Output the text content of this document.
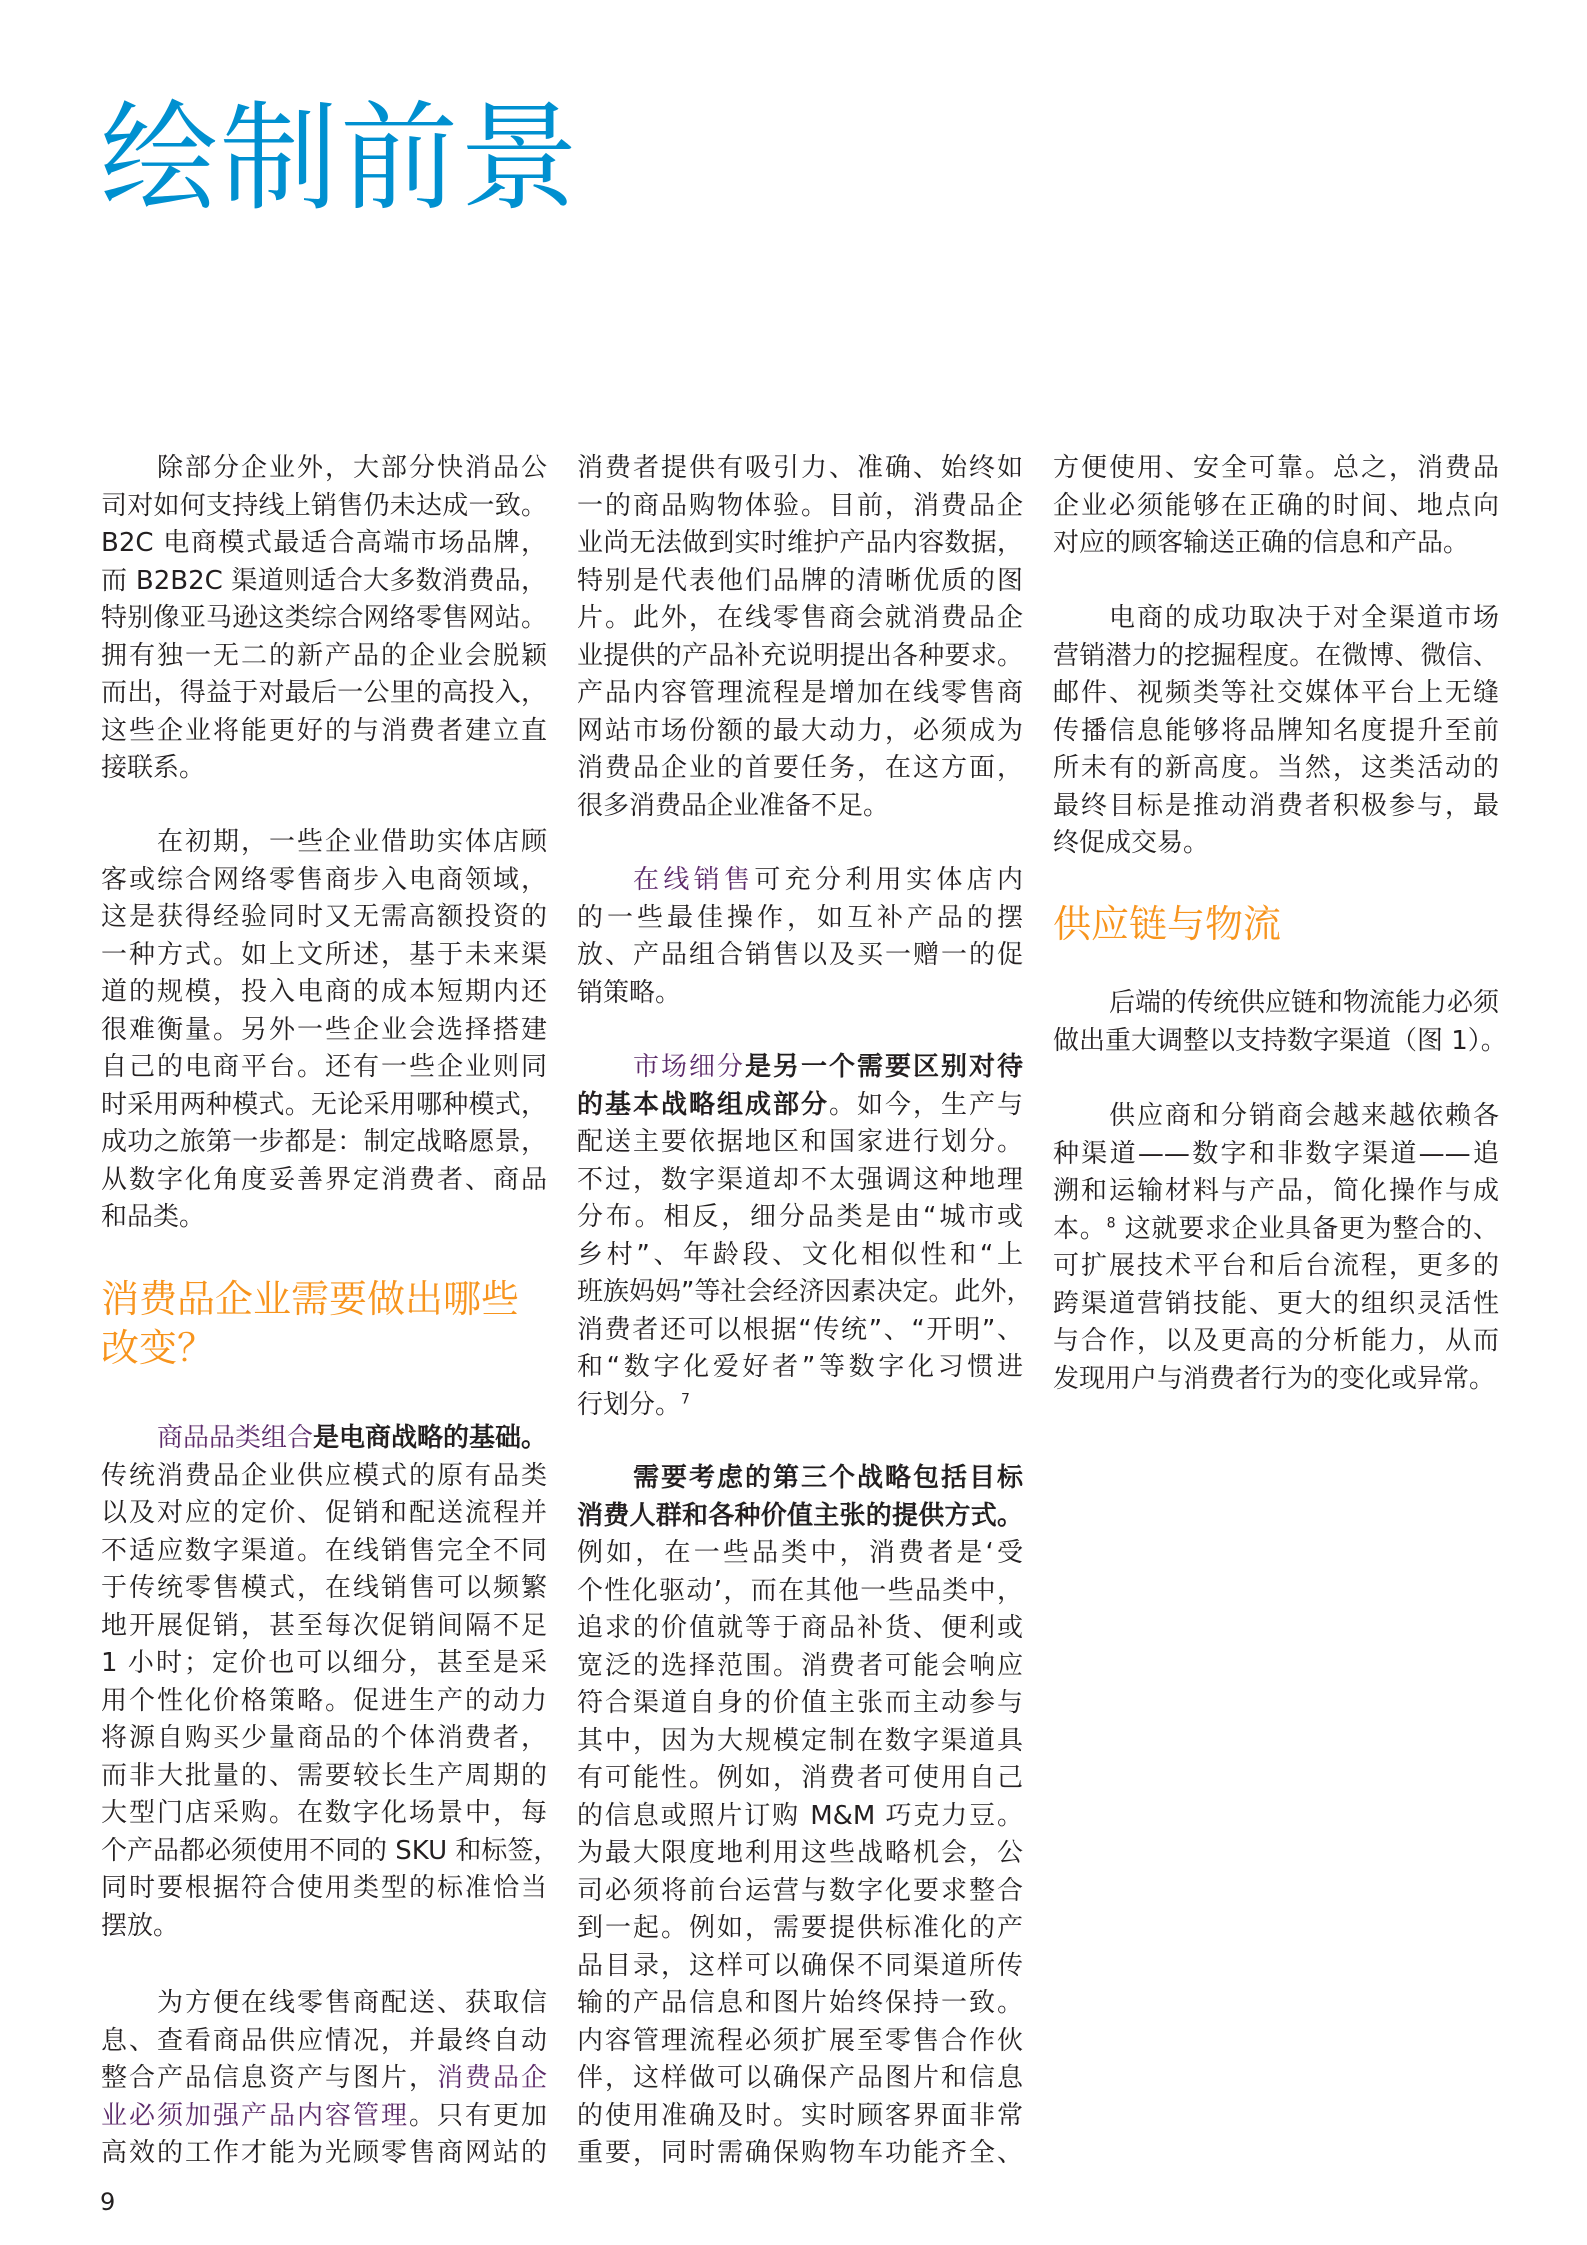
绘制前景
除部分企业外，大部分快消品公
司对如何支持线上销售仍未达成一致。
B2C 电商模式最适合高端市场品牌，
而 B2B2C 渠道则适合大多数消费品，
特别像亚马逊这类综合网络零售网站。
拥有独一无二的新产品的企业会脱颖
而出，得益于对最后一公里的高投入，
这些企业将能更好的与消费者建立直
接联系。
在初期，一些企业借助实体店顾
客或综合网络零售商步入电商领域，
这是获得经验同时又无需高额投资的
一种方式。如上文所述，基于未来渠
道的规模，投入电商的成本短期内还
很难衡量。另外一些企业会选择搭建
自己的电商平台。还有一些企业则同
时采用两种模式。无论采用哪种模式，
成功之旅第一步都是：制定战略愿景，
从数字化角度妥善界定消费者、商品
和品类。
消费品企业需要做出哪些
改变？
商品品类组合是电商战略的基础。
传统消费品企业供应模式的原有品类
以及对应的定价、促销和配送流程并
不适应数字渠道。在线销售完全不同
于传统零售模式，在线销售可以频繁
地开展促销，甚至每次促销间隔不足
1 小时；定价也可以细分，甚至是采
用个性化价格策略。促进生产的动力
将源自购买少量商品的个体消费者，
而非大批量的、需要较长生产周期的
大型门店采购。在数字化场景中，每
个产品都必须使用不同的 SKU 和标签，
同时要根据符合使用类型的标准恰当
摆放。
为方便在线零售商配送、获取信
息、查看商品供应情况，并最终自动
整合产品信息资产与图片，消费品企
业必须加强产品内容管理。只有更加
高效的工作才能为光顾零售商网站的
消费者提供有吸引力、准确、始终如
一的商品购物体验。目前，消费品企
业尚无法做到实时维护产品内容数据，
特别是代表他们品牌的清晰优质的图
片。此外，在线零售商会就消费品企
业提供的产品补充说明提出各种要求。
产品内容管理流程是增加在线零售商
网站市场份额的最大动力，必须成为
消费品企业的首要任务，在这方面，
很多消费品企业准备不足。
在线销售可充分利用实体店内
的一些最佳操作，如互补产品的摆
放、产品组合销售以及买一赠一的促
销策略。
市场细分是另一个需要区别对待
的基本战略组成部分。如今，生产与
配送主要依据地区和国家进行划分。
不过，数字渠道却不太强调这种地理
分布。相反，细分品类是由“城市或
乡村”、年龄段、文化相似性和“上
班族妈妈”等社会经济因素决定。此外，
消费者还可以根据“传统”、“开明”、
和“数字化爱好者”等数字化习惯进
行划分。$^7$
需要考虑的第三个战略包括目标
消费人群和各种价值主张的提供方式。
例如，在一些品类中，消费者是‘受
个性化驱动’，而在其他一些品类中，
追求的价值就等于商品补货、便利或
宽泛的选择范围。消费者可能会响应
符合渠道自身的价值主张而主动参与
其中，因为大规模定制在数字渠道具
有可能性。例如，消费者可使用自己
的信息或照片订购 M&M 巧克力豆。
为最大限度地利用这些战略机会，公
司必须将前台运营与数字化要求整合
到一起。例如，需要提供标准化的产
品目录，这样可以确保不同渠道所传
输的产品信息和图片始终保持一致。
内容管理流程必须扩展至零售合作伙
伴，这样做可以确保产品图片和信息
的使用准确及时。实时顾客界面非常
重要，同时需确保购物车功能齐全、
方便使用、安全可靠。总之，消费品
企业必须能够在正确的时间、地点向
对应的顾客输送正确的信息和产品。
电商的成功取决于对全渠道市场
营销潜力的挖掘程度。在微博、微信、
邮件、视频类等社交媒体平台上无缝
传播信息能够将品牌知名度提升至前
所未有的新高度。当然，这类活动的
最终目标是推动消费者积极参与，最
终促成交易。
供应链与物流
后端的传统供应链和物流能力必须
做出重大调整以支持数字渠道（图 1）。
供应商和分销商会越来越依赖各
种渠道——数字和非数字渠道——追
溯和运输材料与产品，简化操作与成
本。$^8$ 这就要求企业具备更为整合的、
可扩展技术平台和后台流程，更多的
跨渠道营销技能、更大的组织灵活性
与合作，以及更高的分析能力，从而
发现用户与消费者行为的变化或异常。
9
